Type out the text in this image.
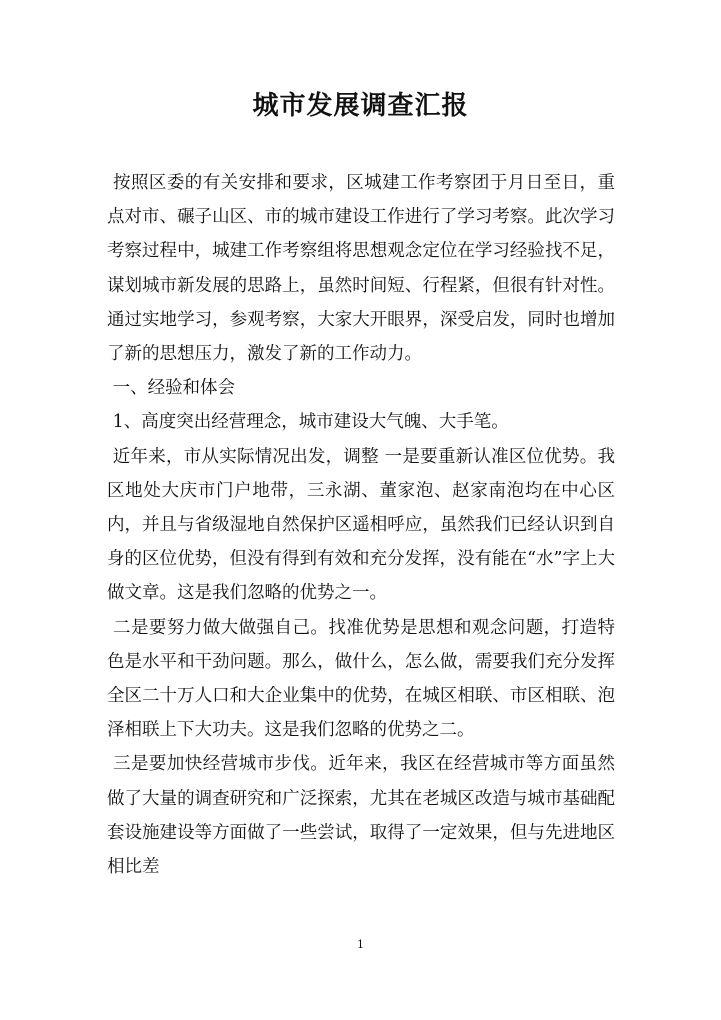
城市发展调查汇报

按照区委的有关安排和要求，区城建工作考察团于月日至日，重点对市、碾子山区、市的城市建设工作进行了学习考察。此次学习考察过程中，城建工作考察组将思想观念定位在学习经验找不足，谋划城市新发展的思路上，虽然时间短、行程紧，但很有针对性。通过实地学习，参观考察，大家大开眼界，深受启发，同时也增加了新的思想压力，激发了新的工作动力。

一、经验和体会

1、高度突出经营理念，城市建设大气魄、大手笔。

近年来，市从实际情况出发，调整 一是要重新认准区位优势。我区地处大庆市门户地带，三永湖、董家泡、赵家南泡均在中心区内，并且与省级湿地自然保护区遥相呼应，虽然我们已经认识到自身的区位优势，但没有得到有效和充分发挥，没有能在“水”字上大做文章。这是我们忽略的优势之一。

二是要努力做大做强自己。找准优势是思想和观念问题，打造特色是水平和干劲问题。那么，做什么，怎么做，需要我们充分发挥全区二十万人口和大企业集中的优势，在城区相联、市区相联、泡泽相联上下大功夫。这是我们忽略的优势之二。

三是要加快经营城市步伐。近年来，我区在经营城市等方面虽然做了大量的调查研究和广泛探索，尤其在老城区改造与城市基础配套设施建设等方面做了一些尝试，取得了一定效果，但与先进地区相比差

1
